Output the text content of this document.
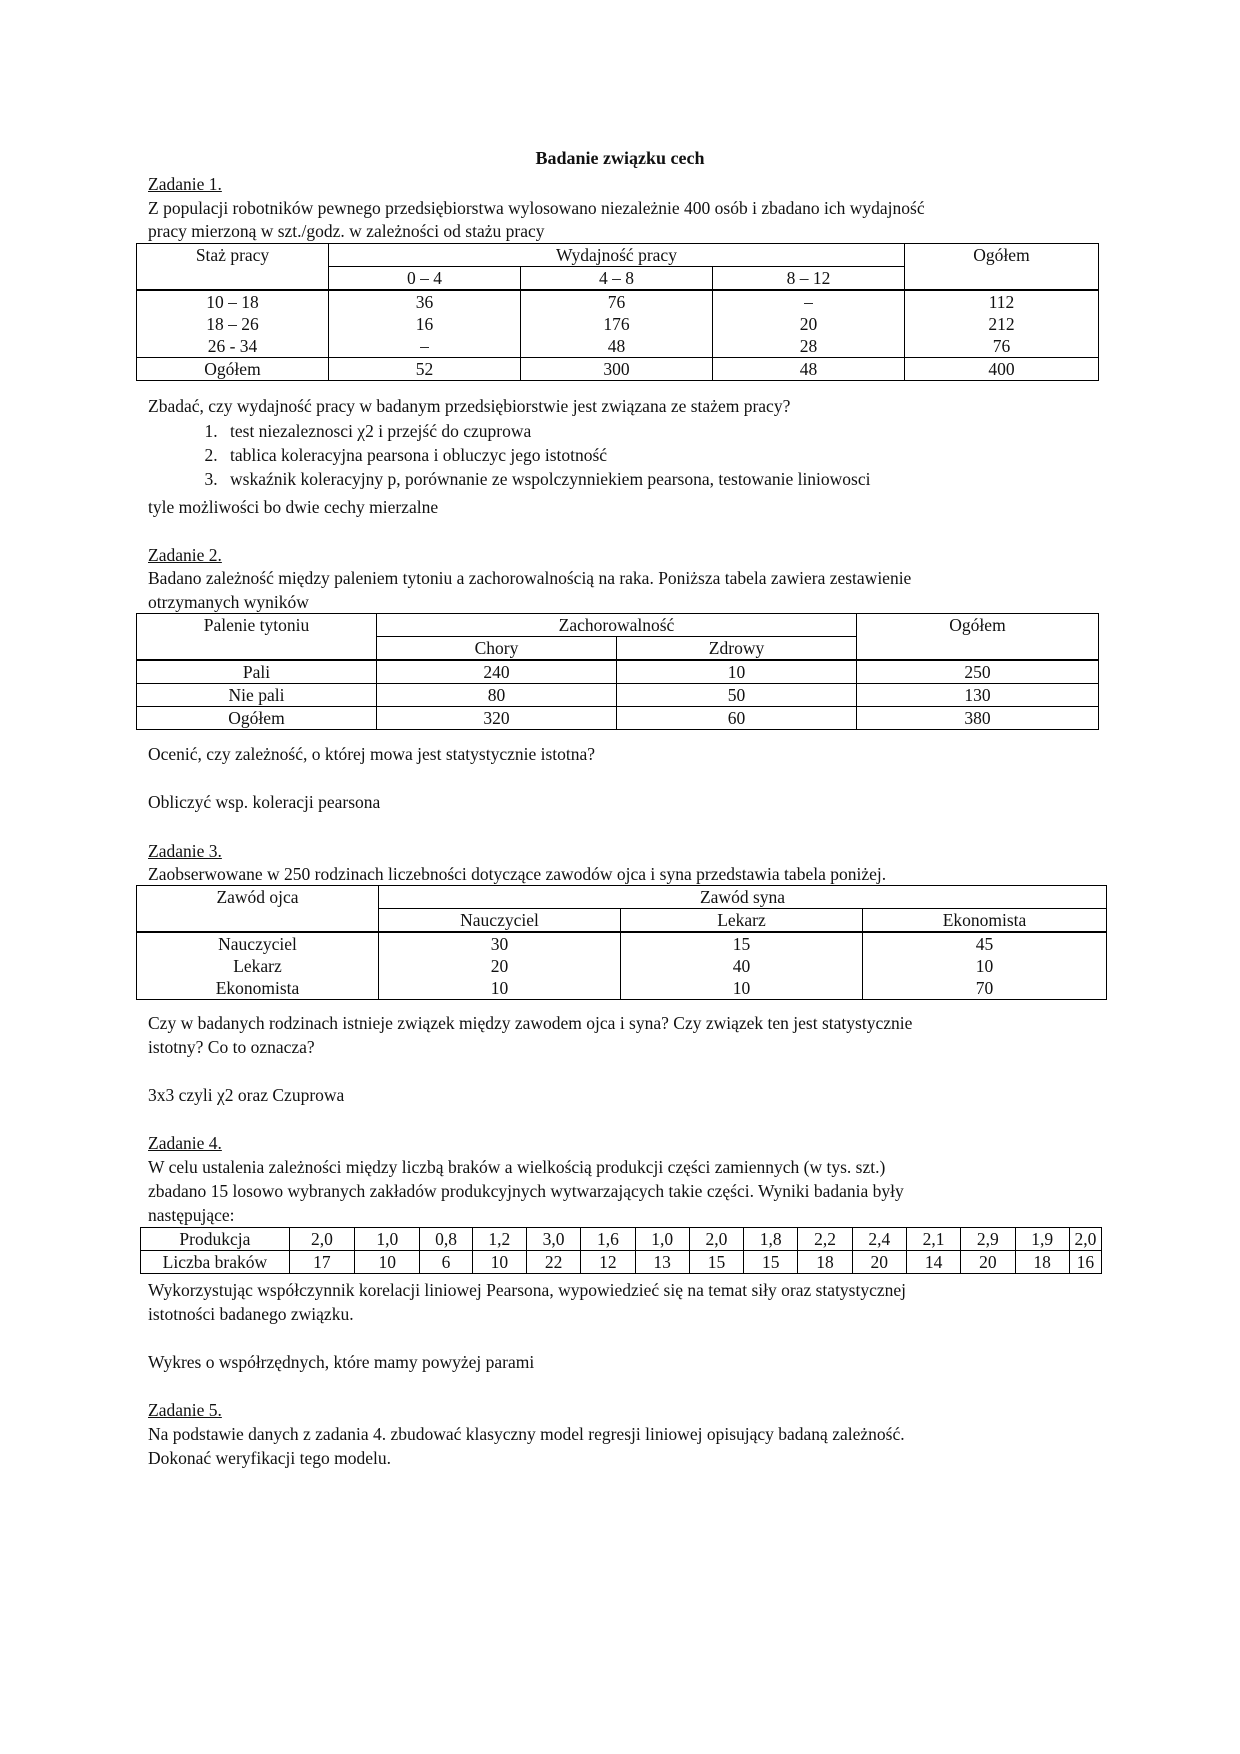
Badanie związku cech
Zadanie 1.
Z populacji robotników pewnego przedsiębiorstwa wylosowano niezależnie 400 osób i zbadano ich wydajność
pracy mierzoną w szt./godz. w zależności od stażu pracy
Staż pracy	Wydajność pracy			Ogółem
	0 – 4	4 – 8	8 – 12	
10 – 18	36	76	–	112
18 – 26	16	176	20	212
26 - 34	–	48	28	76
Ogółem	52	300	48	400
Zbadać, czy wydajność pracy w badanym przedsiębiorstwie jest związana ze stażem pracy?
1. test niezaleznosci χ2 i przejść do czuprowa
2. tablica koleracyjna pearsona i obluczyc jego istotność
3. wskaźnik koleracyjny p, porównanie ze wspolczynniekiem pearsona, testowanie liniowosci
tyle możliwości bo dwie cechy mierzalne
Zadanie 2.
Badano zależność między paleniem tytoniu a zachorowalnością na raka. Poniższa tabela zawiera zestawienie
otrzymanych wyników
Palenie tytoniu	Zachorowalność		Ogółem
	Chory	Zdrowy	
Pali	240	10	250
Nie pali	80	50	130
Ogółem	320	60	380
Ocenić, czy zależność, o której mowa jest statystycznie istotna?
Obliczyć wsp. koleracji pearsona
Zadanie 3.
Zaobserwowane w 250 rodzinach liczebności dotyczące zawodów ojca i syna przedstawia tabela poniżej.
Zawód ojca	Zawód syna		
	Nauczyciel	Lekarz	Ekonomista
Nauczyciel	30	15	45
Lekarz	20	40	10
Ekonomista	10	10	70
Czy w badanych rodzinach istnieje związek między zawodem ojca i syna? Czy związek ten jest statystycznie
istotny? Co to oznacza?
3x3 czyli χ2 oraz Czuprowa
Zadanie 4.
W celu ustalenia zależności między liczbą braków a wielkością produkcji części zamiennych (w tys. szt.)
zbadano 15 losowo wybranych zakładów produkcyjnych wytwarzających takie części. Wyniki badania były
następujące:
Produkcja	2,0	1,0	0,8	1,2	3,0	1,6	1,0	2,0	1,8	2,2	2,4	2,1	2,9	1,9	2,0
Liczba braków	17	10	6	10	22	12	13	15	15	18	20	14	20	18	16
Wykorzystując współczynnik korelacji liniowej Pearsona, wypowiedzieć się na temat siły oraz statystycznej
istotności badanego związku.
Wykres o współrzędnych, które mamy powyżej parami
Zadanie 5.
Na podstawie danych z zadania 4. zbudować klasyczny model regresji liniowej opisujący badaną zależność.
Dokonać weryfikacji tego modelu.
